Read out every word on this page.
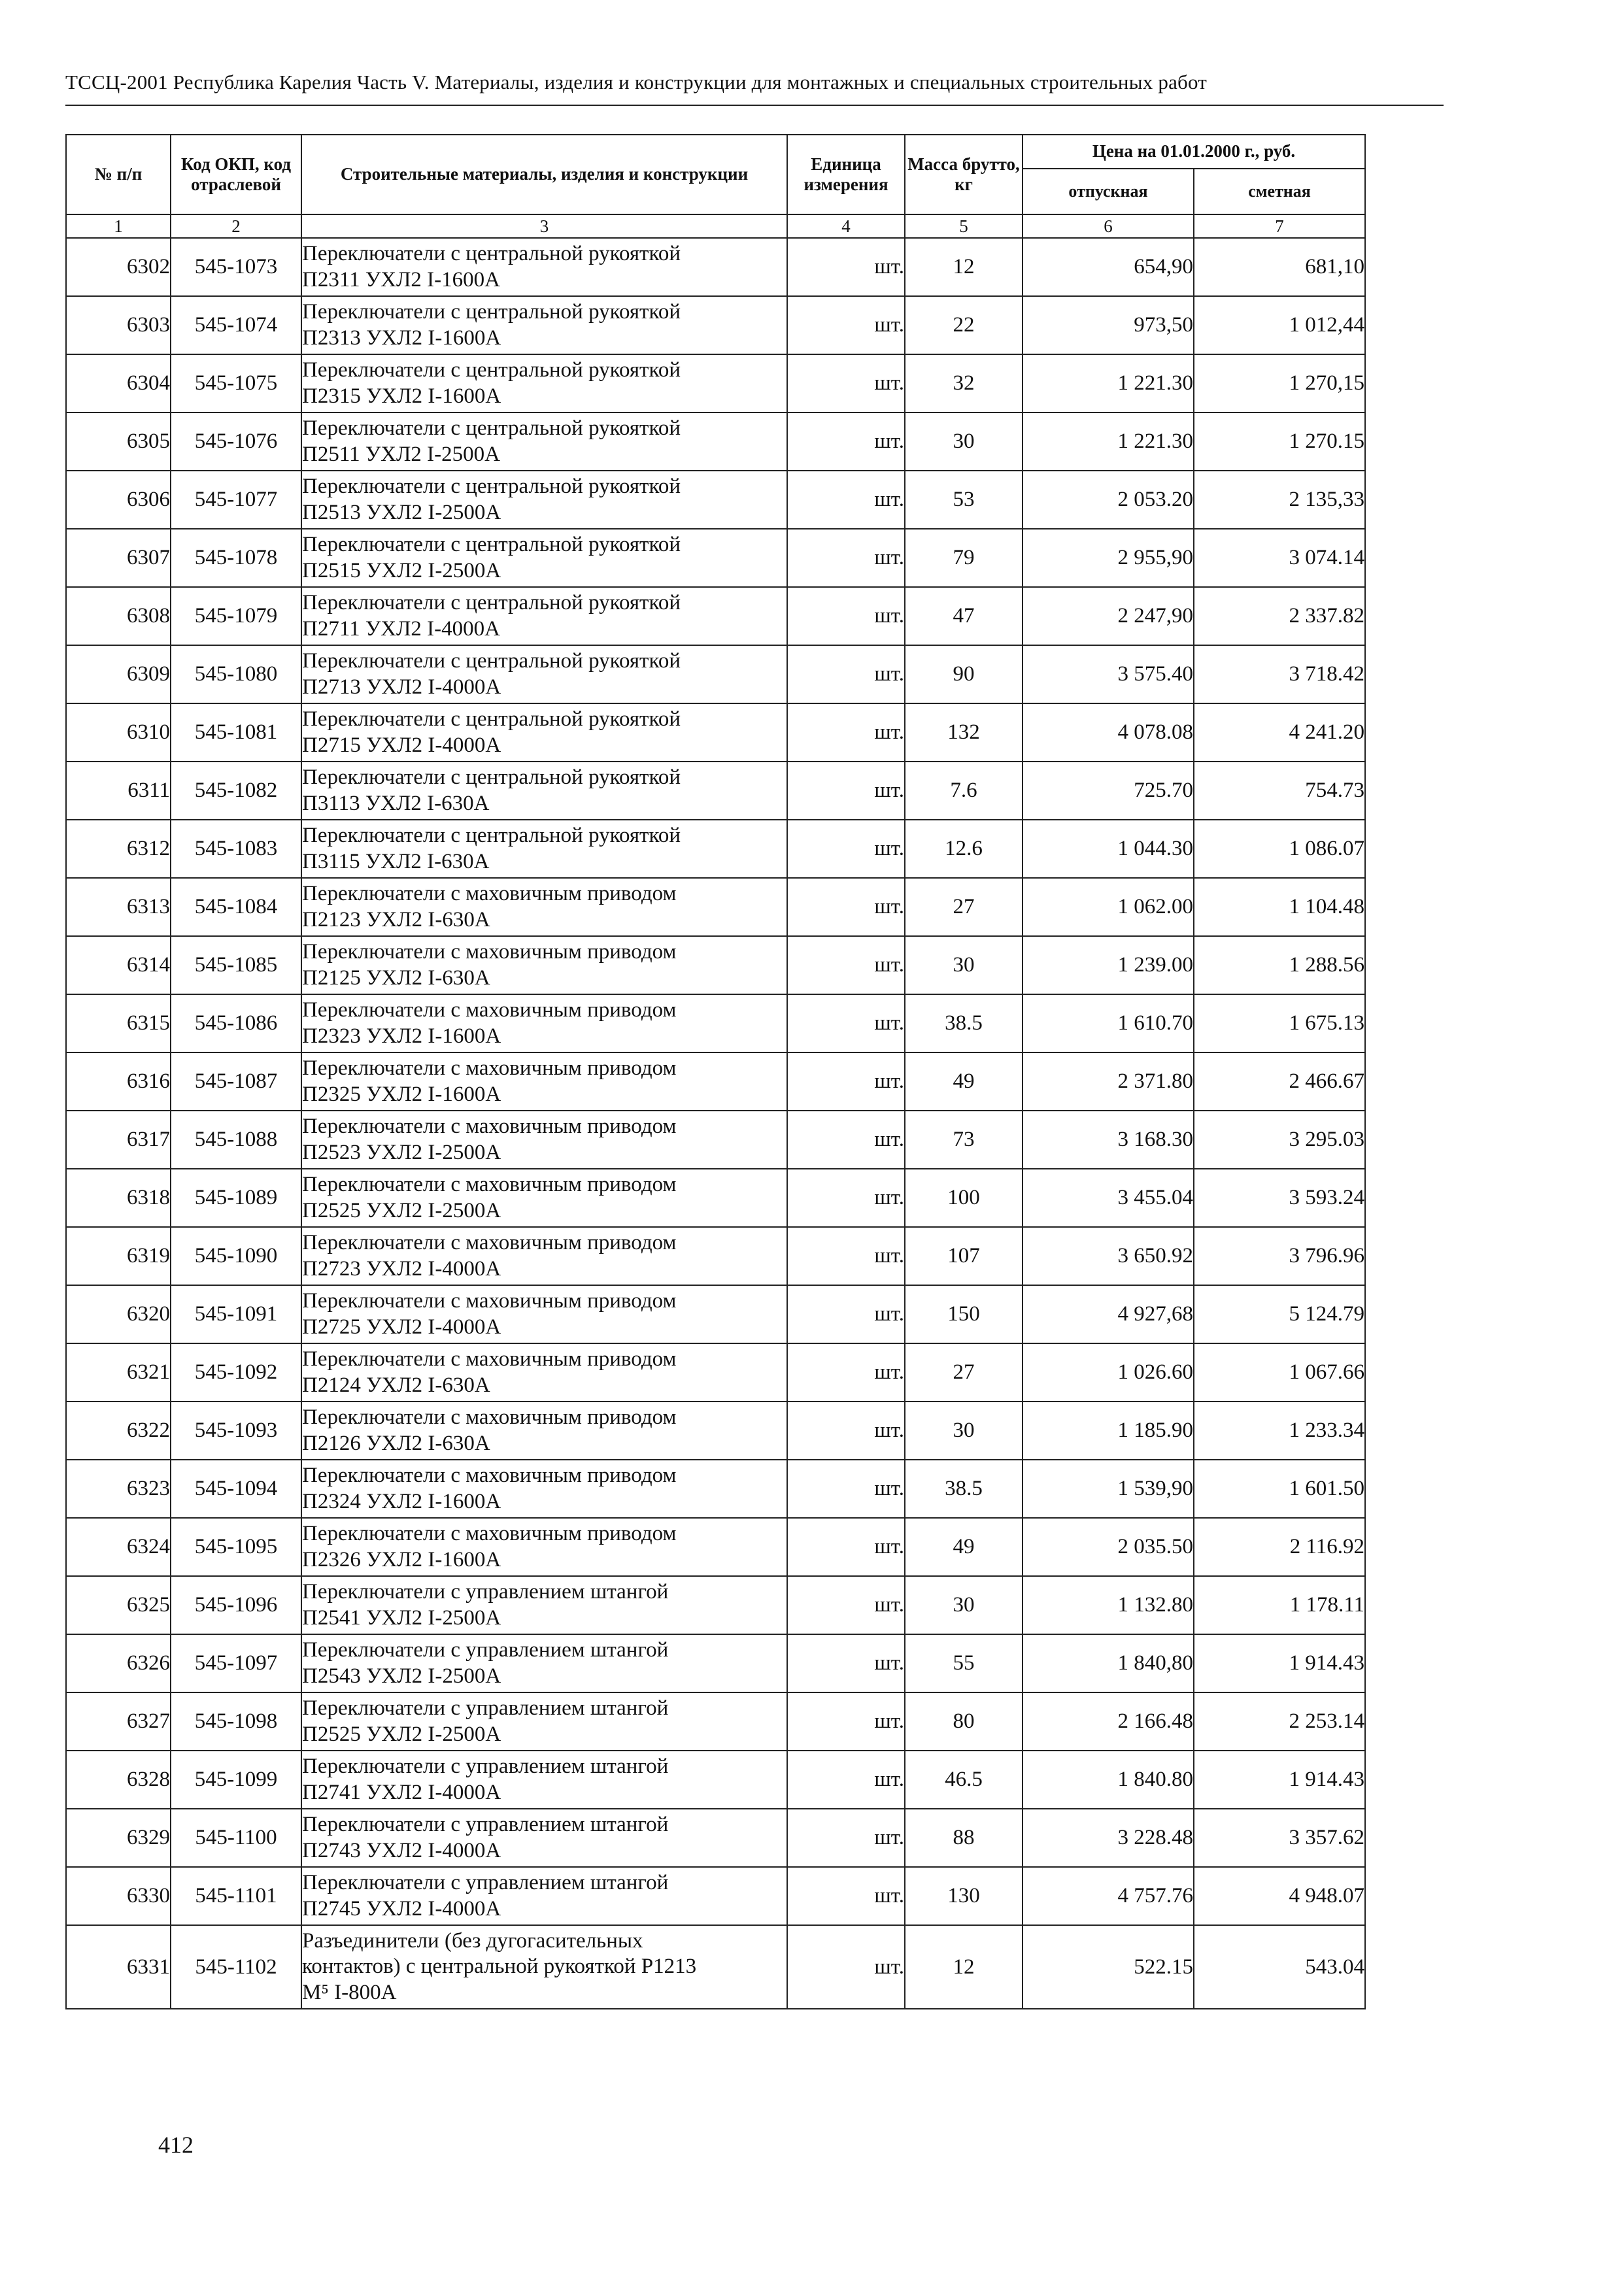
ТССЦ-2001 Республика Карелия Часть V. Материалы, изделия и конструкции для монтажных и специальных строительных работ
№ п/п	Код ОКП, код отраслевой	Строительные материалы, изделия и конструкции	Единица измерения	Масса брутто, кг	Цена на 01.01.2000 г., руб.	
					отпускная	сметная
1	2	3	4	5	6	7
6302	545-1073	Переключатели с центральной рукояткой
П2311 УХЛ2 I-1600А	шт.	12	654,90	681,10
6303	545-1074	Переключатели с центральной рукояткой
П2313 УХЛ2 I-1600А	шт.	22	973,50	1 012,44
6304	545-1075	Переключатели с центральной рукояткой
П2315 УХЛ2 I-1600А	шт.	32	1 221.30	1 270,15
6305	545-1076	Переключатели с центральной рукояткой
П2511 УХЛ2 I-2500А	шт.	30	1 221.30	1 270.15
6306	545-1077	Переключатели с центральной рукояткой
П2513 УХЛ2 I-2500А	шт.	53	2 053.20	2 135,33
6307	545-1078	Переключатели с центральной рукояткой
П2515 УХЛ2 I-2500А	шт.	79	2 955,90	3 074.14
6308	545-1079	Переключатели с центральной рукояткой
П2711 УХЛ2 I-4000А	шт.	47	2 247,90	2 337.82
6309	545-1080	Переключатели с центральной рукояткой
П2713 УХЛ2 I-4000А	шт.	90	3 575.40	3 718.42
6310	545-1081	Переключатели с центральной рукояткой
П2715 УХЛ2 I-4000А	шт.	132	4 078.08	4 241.20
6311	545-1082	Переключатели с центральной рукояткой
П3113 УХЛ2 I-630А	шт.	7.6	725.70	754.73
6312	545-1083	Переключатели с центральной рукояткой
П3115 УХЛ2 I-630А	шт.	12.6	1 044.30	1 086.07
6313	545-1084	Переключатели с маховичным приводом
П2123 УХЛ2 I-630А	шт.	27	1 062.00	1 104.48
6314	545-1085	Переключатели с маховичным приводом
П2125 УХЛ2 I-630А	шт.	30	1 239.00	1 288.56
6315	545-1086	Переключатели с маховичным приводом
П2323 УХЛ2 I-1600А	шт.	38.5	1 610.70	1 675.13
6316	545-1087	Переключатели с маховичным приводом
П2325 УХЛ2 I-1600А	шт.	49	2 371.80	2 466.67
6317	545-1088	Переключатели с маховичным приводом
П2523 УХЛ2 I-2500А	шт.	73	3 168.30	3 295.03
6318	545-1089	Переключатели с маховичным приводом
П2525 УХЛ2 I-2500А	шт.	100	3 455.04	3 593.24
6319	545-1090	Переключатели с маховичным приводом
П2723 УХЛ2 I-4000А	шт.	107	3 650.92	3 796.96
6320	545-1091	Переключатели с маховичным приводом
П2725 УХЛ2 I-4000А	шт.	150	4 927,68	5 124.79
6321	545-1092	Переключатели с маховичным приводом
П2124 УХЛ2 I-630А	шт.	27	1 026.60	1 067.66
6322	545-1093	Переключатели с маховичным приводом
П2126 УХЛ2 I-630А	шт.	30	1 185.90	1 233.34
6323	545-1094	Переключатели с маховичным приводом
П2324 УХЛ2 I-1600А	шт.	38.5	1 539,90	1 601.50
6324	545-1095	Переключатели с маховичным приводом
П2326 УХЛ2 I-1600А	шт.	49	2 035.50	2 116.92
6325	545-1096	Переключатели с управлением штангой
П2541 УХЛ2 I-2500А	шт.	30	1 132.80	1 178.11
6326	545-1097	Переключатели с управлением штангой
П2543 УХЛ2 I-2500А	шт.	55	1 840,80	1 914.43
6327	545-1098	Переключатели с управлением штангой
П2525 УХЛ2 I-2500А	шт.	80	2 166.48	2 253.14
6328	545-1099	Переключатели с управлением штангой
П2741 УХЛ2 I-4000А	шт.	46.5	1 840.80	1 914.43
6329	545-1100	Переключатели с управлением штангой
П2743 УХЛ2 I-4000А	шт.	88	3 228.48	3 357.62
6330	545-1101	Переключатели с управлением штангой
П2745 УХЛ2 I-4000А	шт.	130	4 757.76	4 948.07
6331	545-1102	Разъединители (без дугогасительных
контактов) с центральной рукояткой Р1213
М⁵ I-800А	шт.	12	522.15	543.04
412
